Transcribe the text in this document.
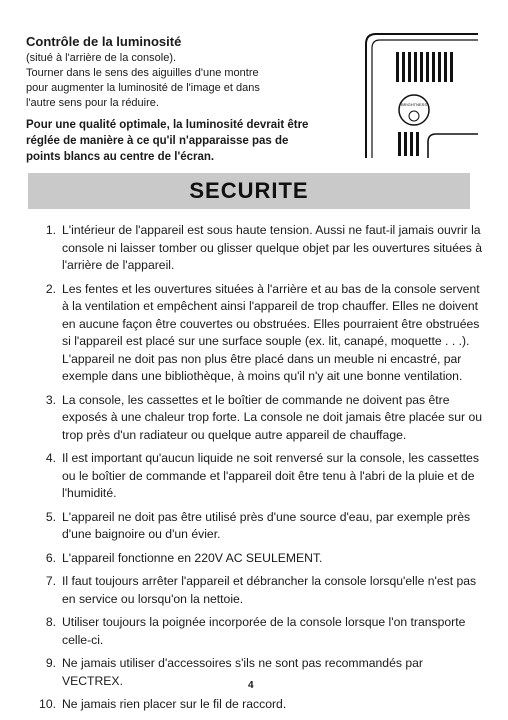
Contrôle de la luminosité
(situé à l'arrière de la console).
Tourner dans le sens des aiguilles d'une montre
pour augmenter la luminosité de l'image et dans
l'autre sens pour la réduire.
Pour une qualité optimale, la luminosité devrait être réglée de manière à ce qu'il n'apparaisse pas de points blancs au centre de l'écran.
BRIGHTNESS
SECURITE
1. L'intérieur de l'appareil est sous haute tension. Aussi ne faut-il jamais ouvrir la console ni laisser tomber ou glisser quelque objet par les ouvertures situées à l'arrière de l'appareil.
2. Les fentes et les ouvertures situées à l'arrière et au bas de la console servent à la ventilation et empêchent ainsi l'appareil de trop chauffer. Elles ne doivent en aucune façon être couvertes ou obstruées. Elles pourraient être obstruées si l'appareil est placé sur une surface souple (ex. lit, canapé, moquette . . .). L'appareil ne doit pas non plus être placé dans un meuble ni encastré, par exemple dans une bibliothèque, à moins qu'il n'y ait une bonne ventilation.
3. La console, les cassettes et le boîtier de commande ne doivent pas être exposés à une chaleur trop forte. La console ne doit jamais être placée sur ou trop près d'un radiateur ou quelque autre appareil de chauffage.
4. Il est important qu'aucun liquide ne soit renversé sur la console, les cassettes ou le boîtier de commande et l'appareil doit être tenu à l'abri de la pluie et de l'humidité.
5. L'appareil ne doit pas être utilisé près d'une source d'eau, par exemple près d'une baignoire ou d'un évier.
6. L'appareil fonctionne en 220V AC SEULEMENT.
7. Il faut toujours arrêter l'appareil et débrancher la console lorsqu'elle n'est pas en service ou lorsqu'on la nettoie.
8. Utiliser toujours la poignée incorporée de la console lorsque l'on transporte celle-ci.
9. Ne jamais utiliser d'accessoires s'ils ne sont pas recommandés par VECTREX.
10. Ne jamais rien placer sur le fil de raccord.
4
